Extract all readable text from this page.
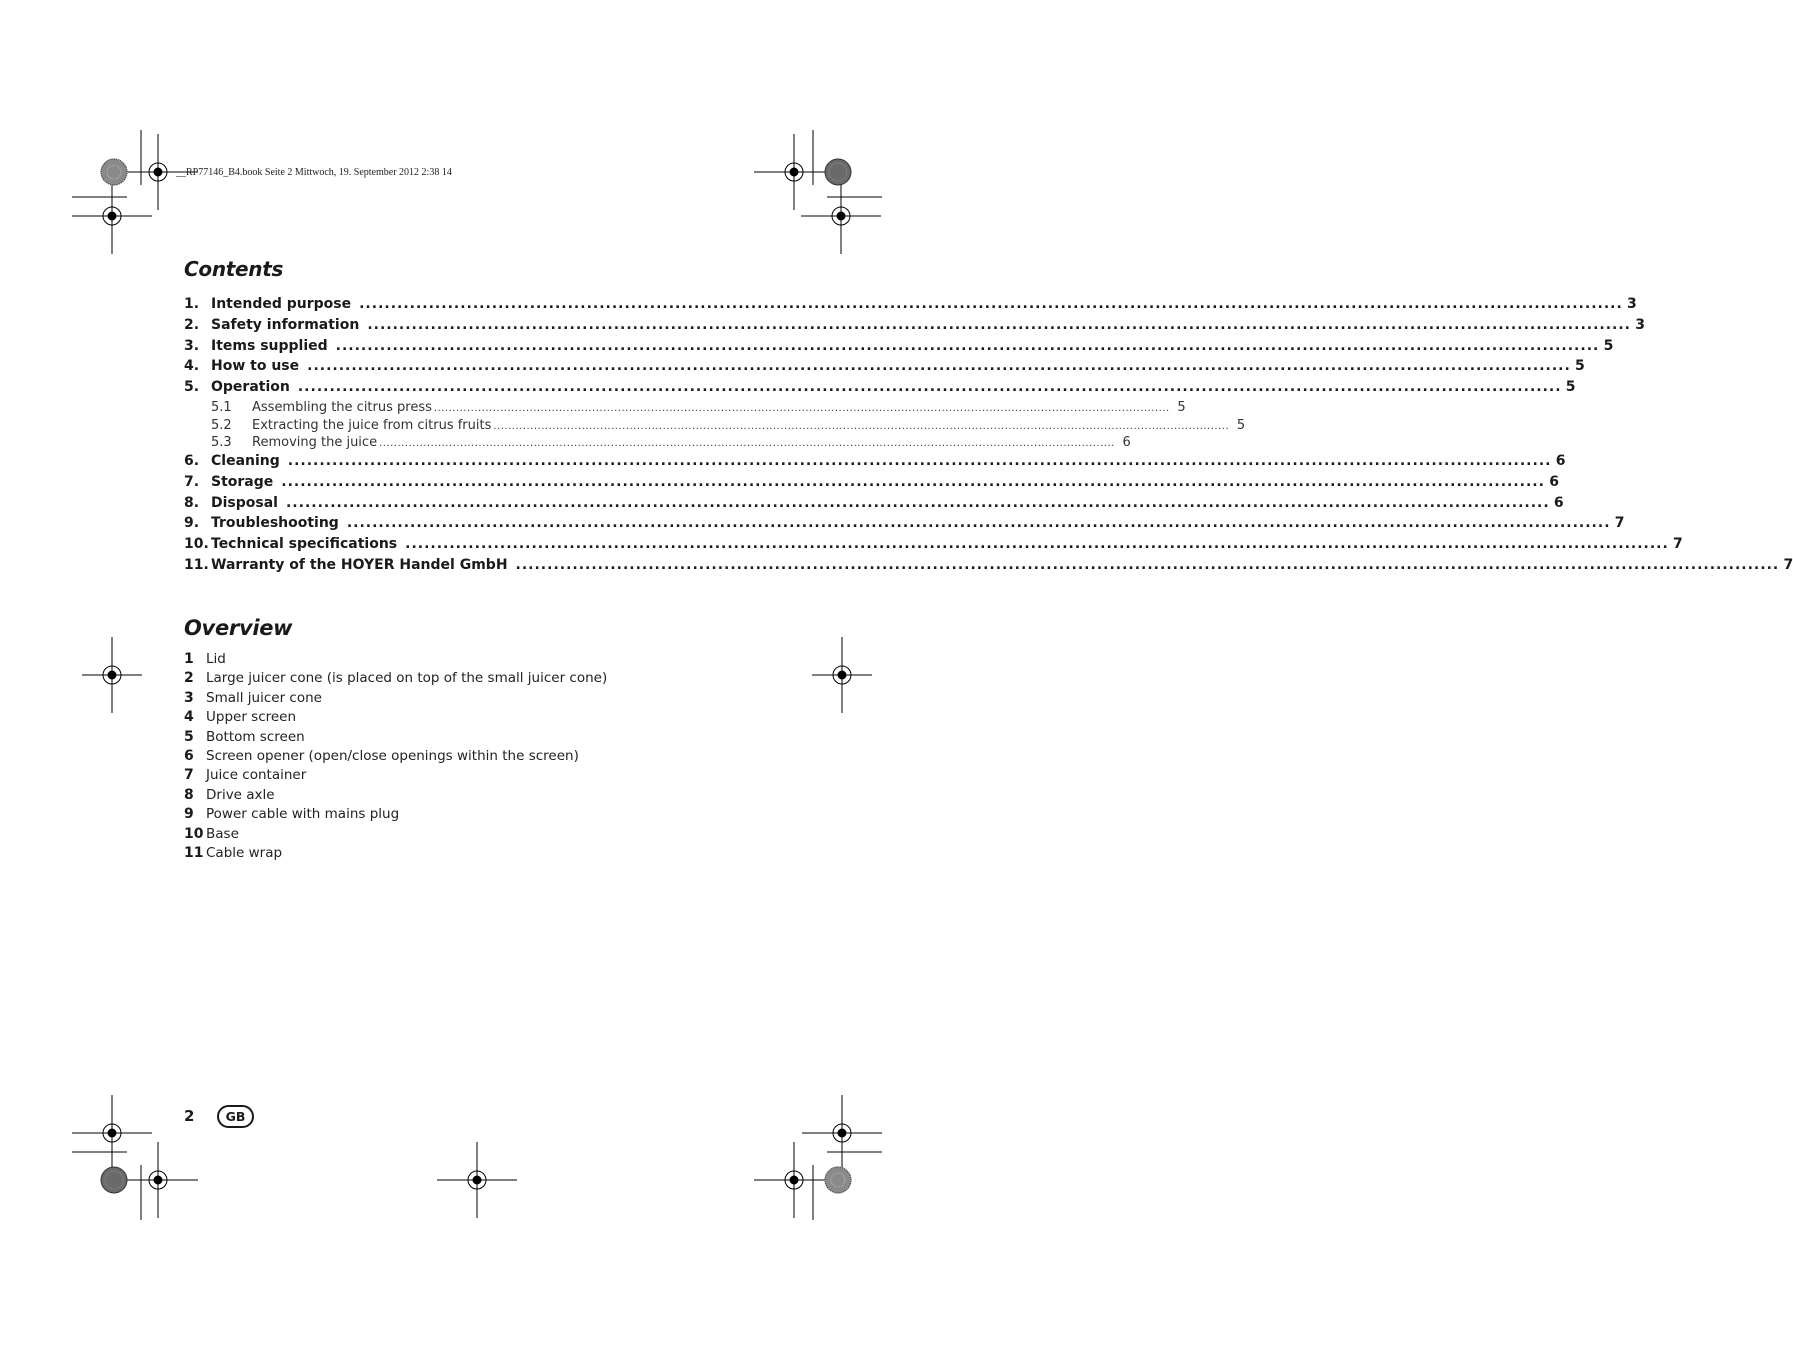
__RP77146_B4.book Seite 2 Mittwoch, 19. September 2012 2:38 14
Contents
1. Intended purpose ........................................................................................................................................................................................................ 3
2. Safety information ........................................................................................................................................................................................................ 3
3. Items supplied ........................................................................................................................................................................................................ 5
4. How to use ........................................................................................................................................................................................................ 5
5. Operation ........................................................................................................................................................................................................ 5
5.1	Assembling the citrus press ........................................................................................................................................................................................................ 5
5.2	Extracting the juice from citrus fruits ........................................................................................................................................................................................................ 5
5.3	Removing the juice ........................................................................................................................................................................................................ 6
6. Cleaning ........................................................................................................................................................................................................ 6
7. Storage ........................................................................................................................................................................................................ 6
8. Disposal ........................................................................................................................................................................................................ 6
9. Troubleshooting ........................................................................................................................................................................................................ 7
10. Technical specifications ........................................................................................................................................................................................................ 7
11. Warranty of the HOYER Handel GmbH ........................................................................................................................................................................................................ 7
Overview
1 Lid
2 Large juicer cone (is placed on top of the small juicer cone)
3 Small juicer cone
4 Upper screen
5 Bottom screen
6 Screen opener (open/close openings within the screen)
7 Juice container
8 Drive axle
9 Power cable with mains plug
10 Base
11 Cable wrap
2	GB
